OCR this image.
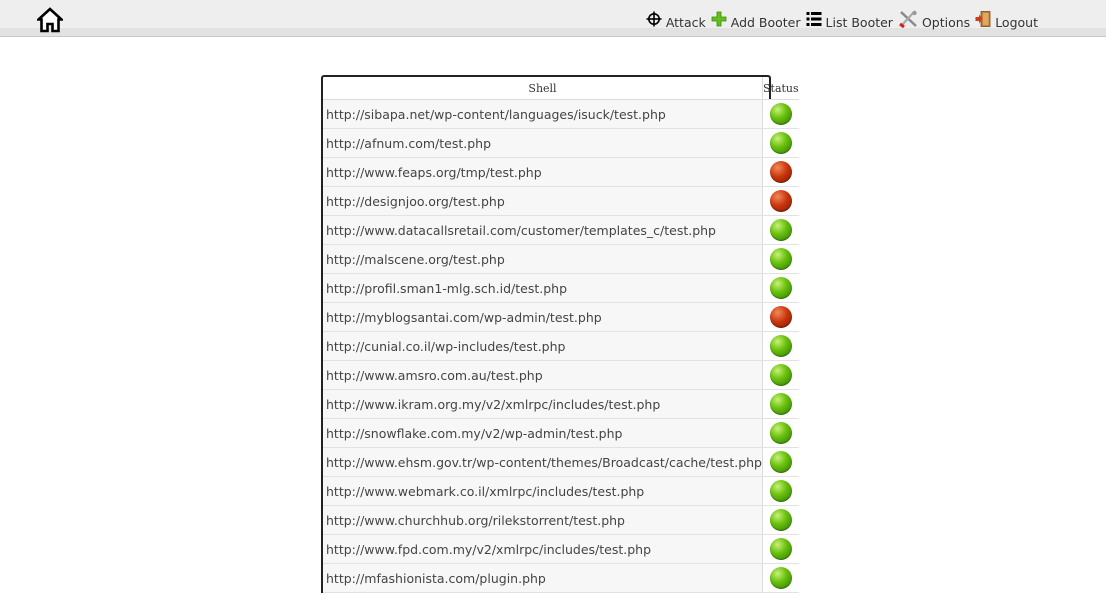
Attack Add Booter List Booter Options Logout
Shell	Status
http://sibapa.net/wp-content/languages/isuck/test.php	
http://afnum.com/test.php	
http://www.feaps.org/tmp/test.php	
http://designjoo.org/test.php	
http://www.datacallsretail.com/customer/templates_c/test.php	
http://malscene.org/test.php	
http://profil.sman1-mlg.sch.id/test.php	
http://myblogsantai.com/wp-admin/test.php	
http://cunial.co.il/wp-includes/test.php	
http://www.amsro.com.au/test.php	
http://www.ikram.org.my/v2/xmlrpc/includes/test.php	
http://snowflake.com.my/v2/wp-admin/test.php	
http://www.ehsm.gov.tr/wp-content/themes/Broadcast/cache/test.php	
http://www.webmark.co.il/xmlrpc/includes/test.php	
http://www.churchhub.org/rilekstorrent/test.php	
http://www.fpd.com.my/v2/xmlrpc/includes/test.php	
http://mfashionista.com/plugin.php	
